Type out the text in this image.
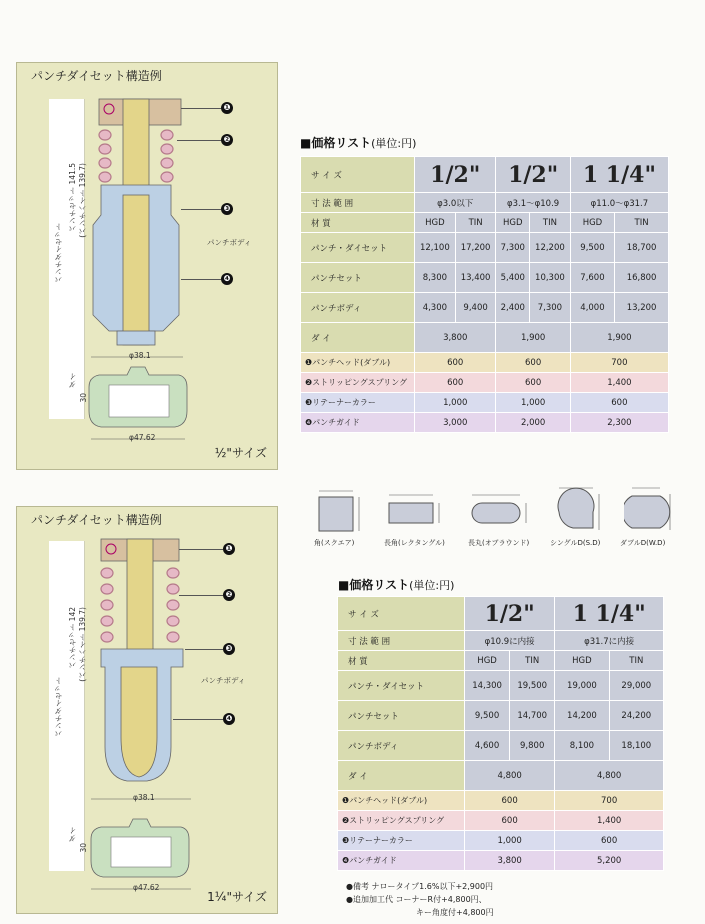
パンチダイセット構造例
パンチダイセット
パンチセット 141.5 (パンチハイト 139.7)
ダイ
30
φ38.1
φ47.62
パンチボディ
❶
❷
❸
❹
½"サイズ
パンチダイセット構造例
パンチダイセット
パンチセット 142 (パンチハイト 139.7)
ダイ
30
φ38.1
φ47.62
パンチボディ
❶
❷
❸
❹
1¼"サイズ
■価格リスト(単位:円)
サ イ ズ	1/2"		1/2"		1 1/4"	
寸 法 範 囲	φ3.0以下		φ3.1～φ10.9		φ11.0～φ31.7	
材 質	HGD	TIN	HGD	TIN	HGD	TIN
パンチ・ダイセット	12,100	17,200	7,300	12,200	9,500	18,700
パンチセット	8,300	13,400	5,400	10,300	7,600	16,800
パンチボディ	4,300	9,400	2,400	7,300	4,000	13,200
ダ イ	3,800		1,900		1,900	
❶パンチヘッド(ダブル)	600		600		700	
❷ストリッピングスプリング	600		600		1,400	
❸リテーナーカラー	1,000		1,000		600	
❹パンチガイド	3,000		2,000		2,300	
角(スクエア)	長角(レクタングル)	長丸(オブラウンド)	シングルD(S.D)	ダブルD(W.D)
■価格リスト(単位:円)
サ イ ズ	1/2"		1 1/4"	
寸 法 範 囲	φ10.9に内接		φ31.7に内接	
材 質	HGD	TIN	HGD	TIN
パンチ・ダイセット	14,300	19,500	19,000	29,000
パンチセット	9,500	14,700	14,200	24,200
パンチボディ	4,600	9,800	8,100	18,100
ダ イ	4,800		4,800	
❶パンチヘッド(ダブル)	600		700	
❷ストリッピングスプリング	600		1,400	
❸リテーナーカラー	1,000		600	
❹パンチガイド	3,800		5,200	
●備考 ナロータイプ1.6%以下+2,900円
●追加加工代 コーナーR付+4,800円、
キー角度付+4,800円
